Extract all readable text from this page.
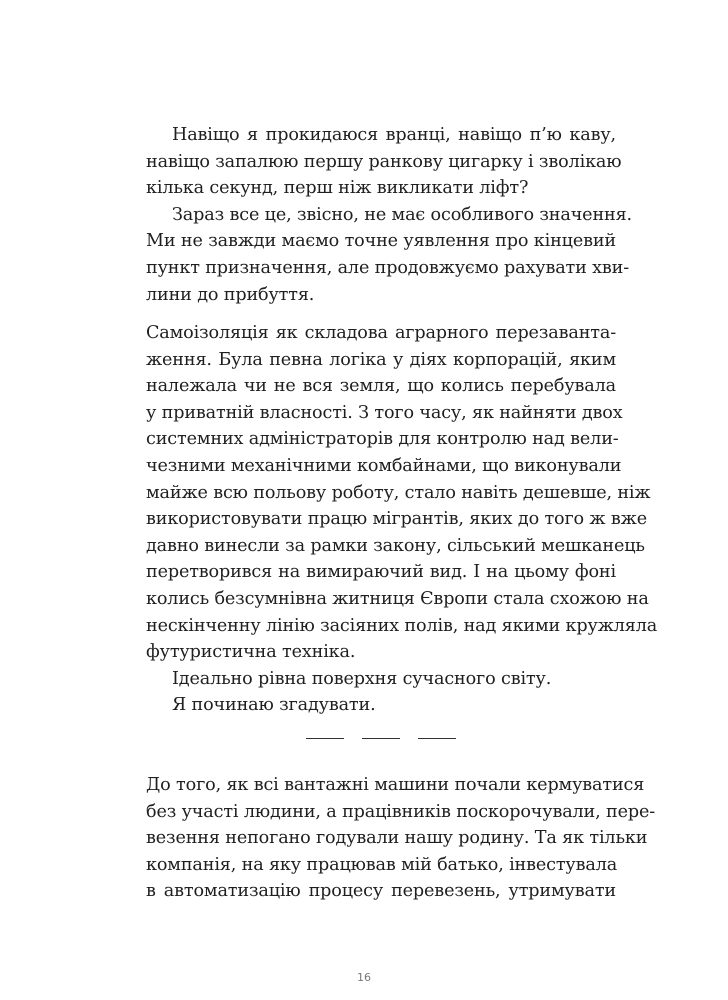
Навіщо я прокидаюся вранці, навіщо п’ю каву,
навіщо запалюю першу ранкову цигарку і зволікаю
кілька секунд, перш ніж викликати ліфт?
Зараз все це, звісно, не має особливого значення.
Ми не завжди маємо точне уявлення про кінцевий
пункт призначення, але продовжуємо рахувати хви-
лини до прибуття.
Самоізоляція як складова аграрного перезаванта-
ження. Була певна логіка у діях корпорацій, яким
належала чи не вся земля, що колись перебувала
у приватній власності. З того часу, як найняти двох
системних адміністраторів для контролю над вели-
чезними механічними комбайнами, що виконували
майже всю польову роботу, стало навіть дешевше, ніж
використовувати працю мігрантів, яких до того ж вже
давно винесли за рамки закону, сільський мешканець
перетворився на вимираючий вид. І на цьому фоні
колись безсумнівна житниця Європи стала схожою на
нескінченну лінію засіяних полів, над якими кружляла
футуристична техніка.
Ідеально рівна поверхня сучасного світу.
Я починаю згадувати.
До того, як всі вантажні машини почали кермуватися
без участі людини, а працівників поскорочували, пере-
везення непогано годували нашу родину. Та як тільки
компанія, на яку працював мій батько, інвестувала
в автоматизацію процесу перевезень, утримувати
16
